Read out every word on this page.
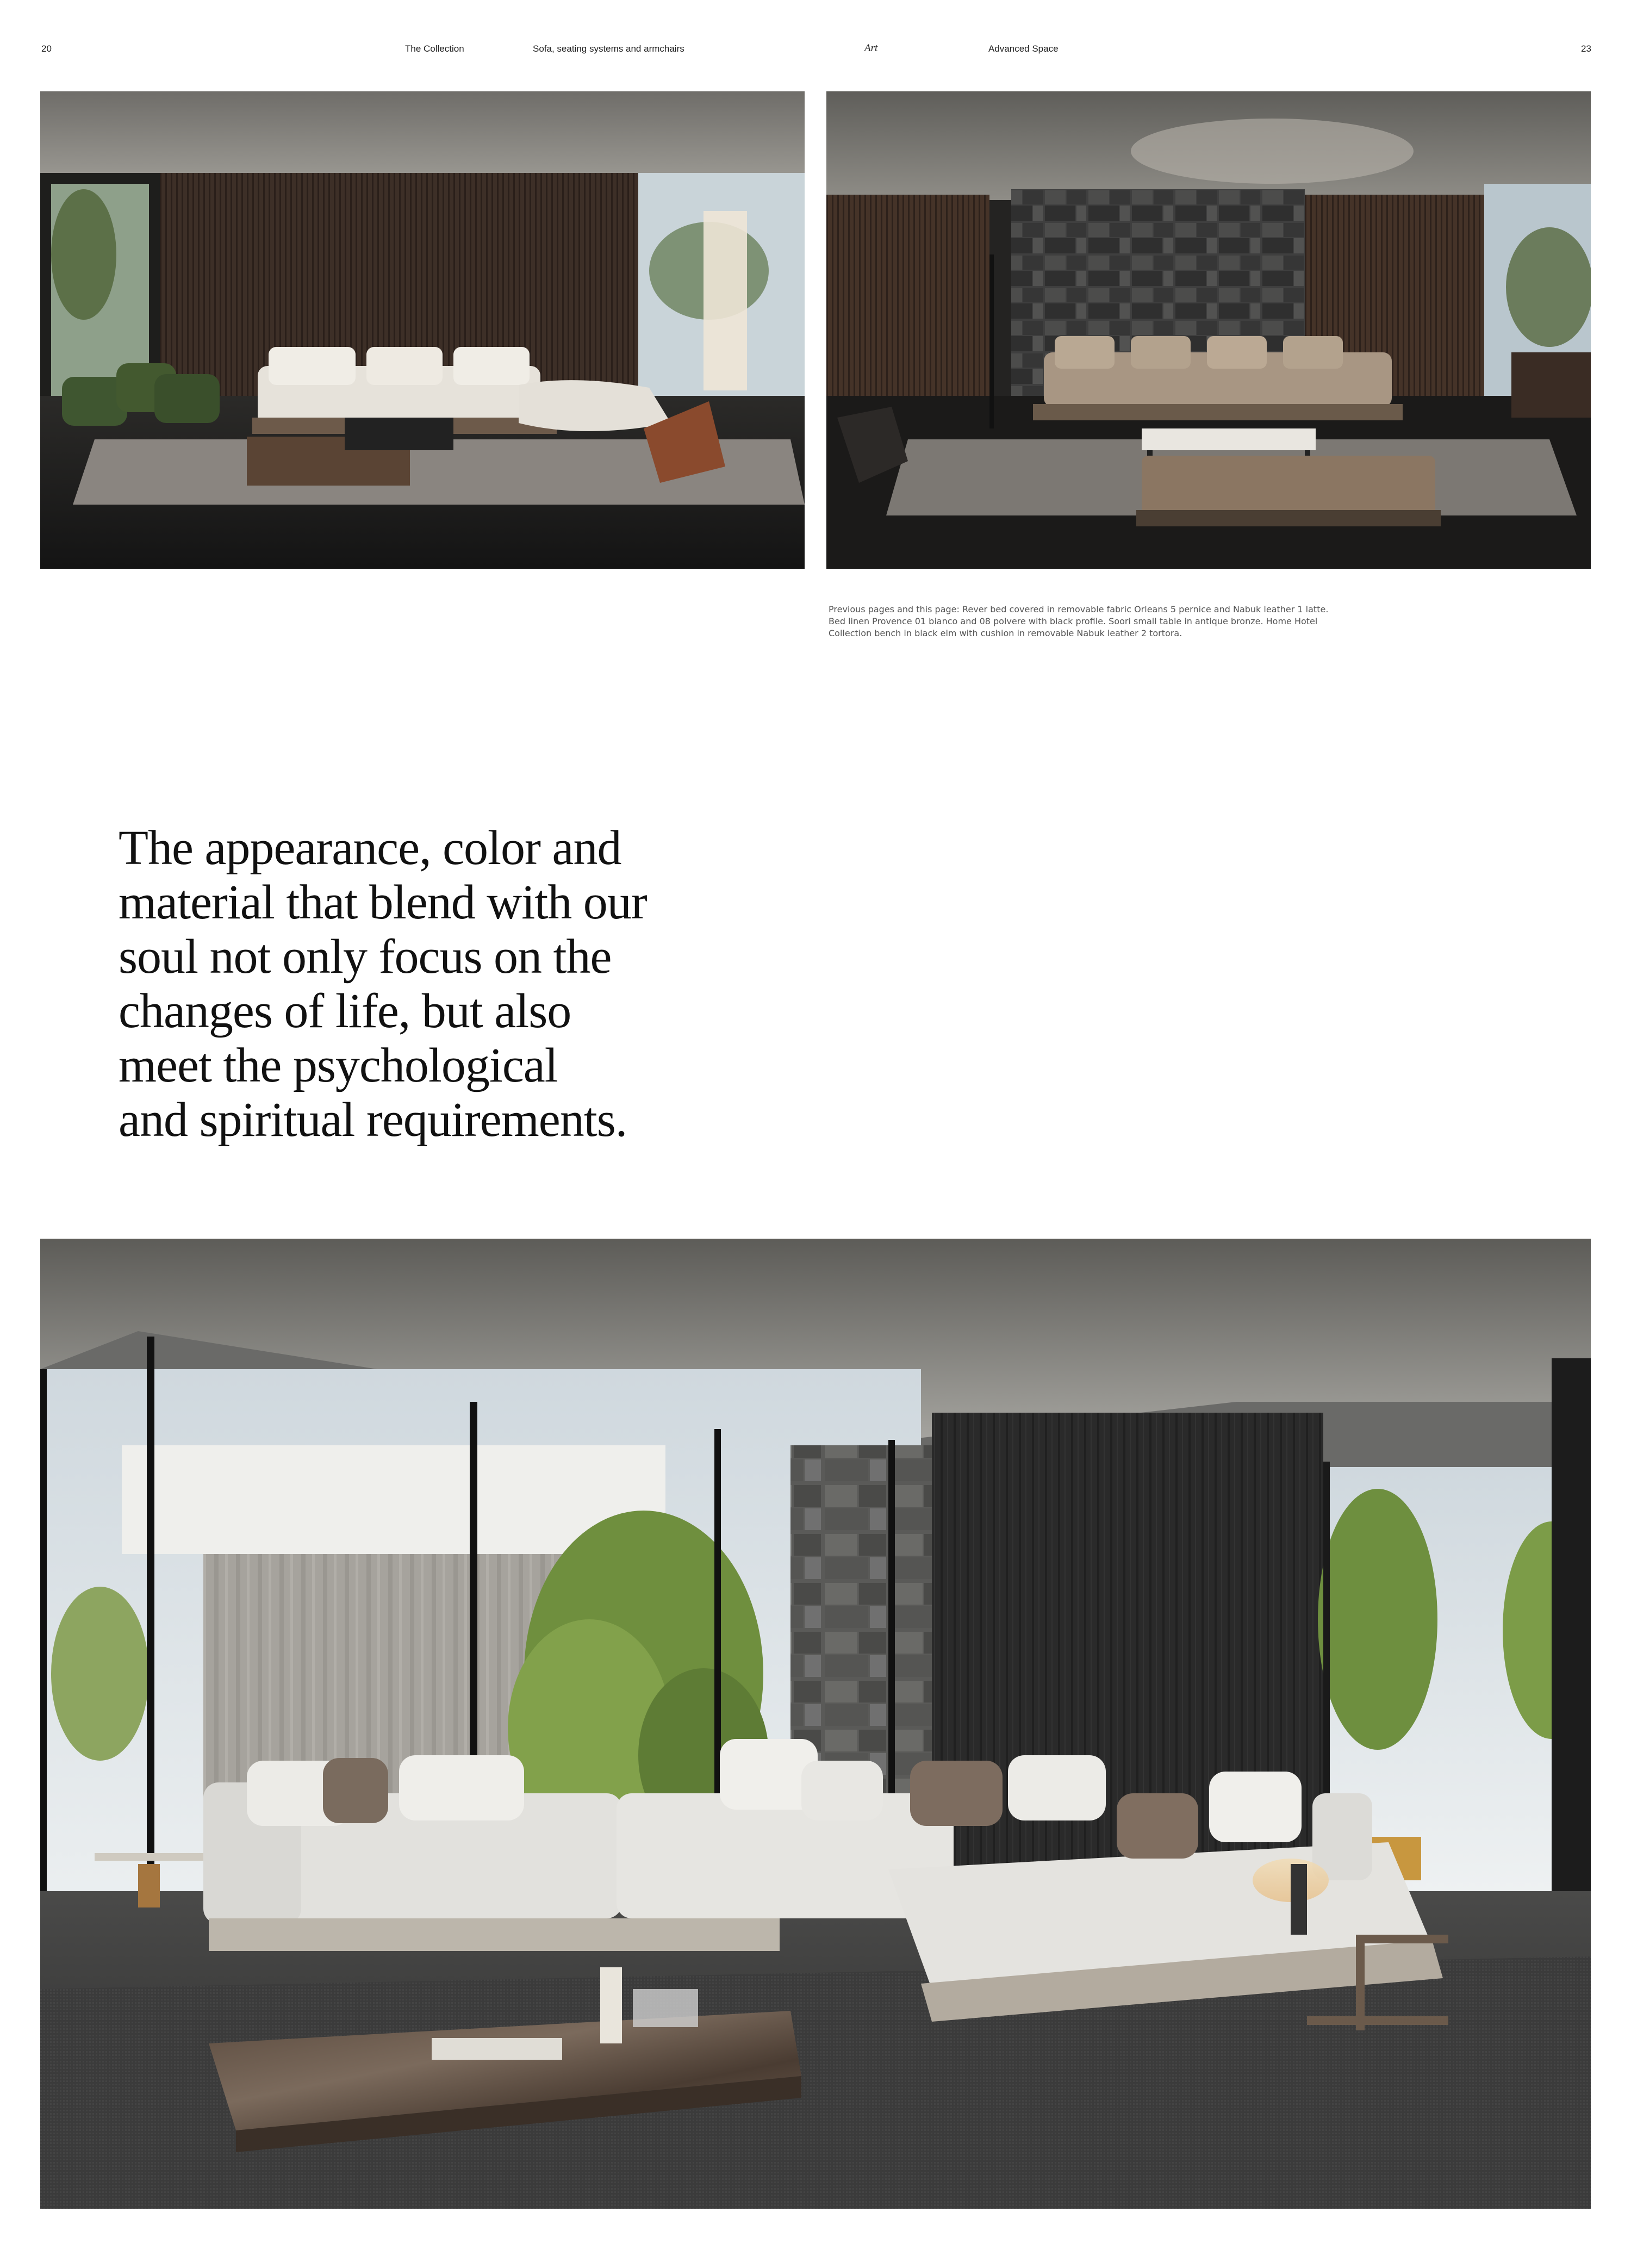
20	The Collection	Sofa, seating systems and armchairs	Art	Advanced Space	23

Previous pages and this page: Rever bed covered in removable fabric Orleans 5 pernice and Nabuk leather 1 latte.

Bed linen Provence 01 bianco and 08 polvere with black profile. Soori small table in antique bronze. Home Hotel

Collection bench in black elm with cushion in removable Nabuk leather 2 tortora.

The appearance, color and
material that blend with our
soul not only focus on the
changes of life, but also
meet the psychological
and spiritual requirements.
